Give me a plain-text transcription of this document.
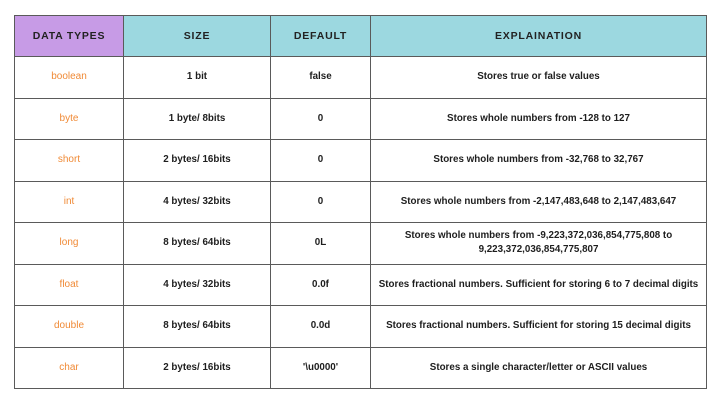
DATA TYPES	SIZE	DEFAULT	EXPLAINATION
boolean	1 bit	false	Stores true or false values
byte	1 byte/ 8bits	0	Stores whole numbers from -128 to 127
short	2 bytes/ 16bits	0	Stores whole numbers from -32,768 to 32,767
int	4 bytes/ 32bits	0	Stores whole numbers from -2,147,483,648 to 2,147,483,647
long	8 bytes/ 64bits	0L	Stores whole numbers from -9,223,372,036,854,775,808 to 9,223,372,036,854,775,807
float	4 bytes/ 32bits	0.0f	Stores fractional numbers. Sufficient for storing 6 to 7 decimal digits
double	8 bytes/ 64bits	0.0d	Stores fractional numbers. Sufficient for storing 15 decimal digits
char	2 bytes/ 16bits	'\u0000'	Stores a single character/letter or ASCII values
